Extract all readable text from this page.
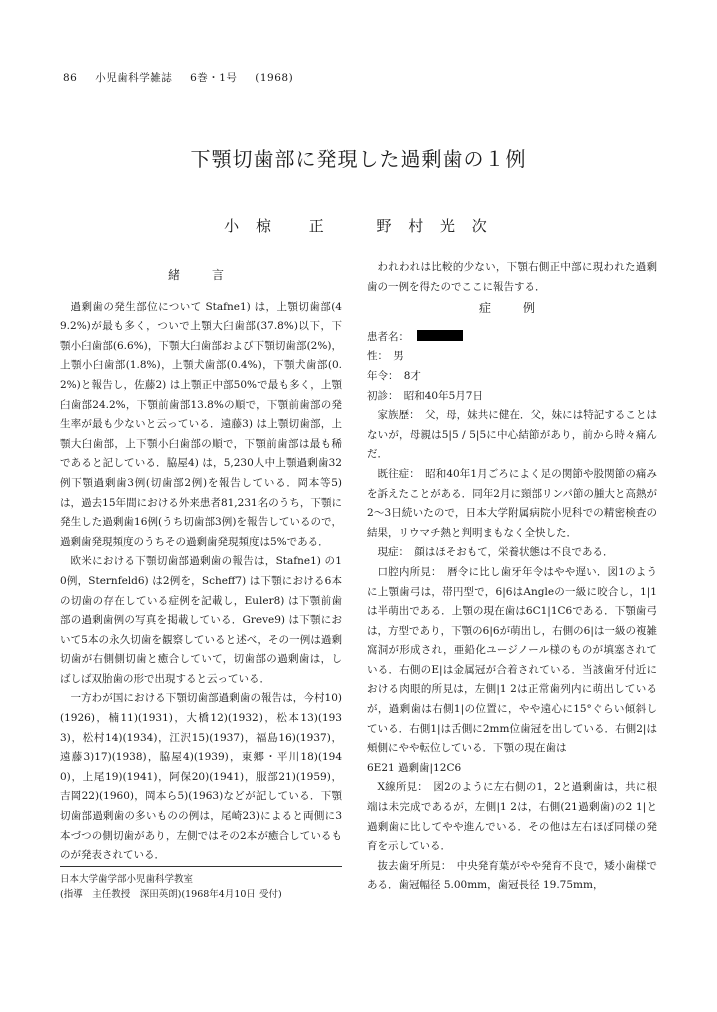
86 小児歯科学雑誌 6巻・1号 (1968)
下顎切歯部に発現した過剰歯の１例
小 椋 　正	野 村 光 次
緒　言

過剰歯の発生部位について Stafne1) は，上顎切歯部(49.2%)が最も多く，ついで上顎大臼歯部(37.8%)以下，下顎小臼歯部(6.6%)，下顎大臼歯部および下顎切歯部(2%)，上顎小臼歯部(1.8%)，上顎犬歯部(0.4%)，下顎犬歯部(0.2%)と報告し，佐藤2) は上顎正中部50%で最も多く，上顎臼歯部24.2%，下顎前歯部13.8%の順で，下顎前歯部の発生率が最も少ないと云っている．遠藤3) は上顎切歯部，上顎大臼歯部，上下顎小臼歯部の順で，下顎前歯部は最も稀であると記している．脇屋4) は，5,230人中上顎過剰歯32例下顎過剰歯3例(切歯部2例)を報告している．岡本等5) は，過去15年間における外来患者81,231名のうち，下顎に発生した過剰歯16例(うち切歯部3例)を報告しているので，過剰歯発現頻度のうちその過剰歯発現頻度は5%である．

欧米における下顎切歯部過剰歯の報告は，Stafne1) の10例，Sternfeld6) は2例を，Scheff7) は下顎における6本の切歯の存在している症例を記載し，Euler8) は下顎前歯部の過剰歯例の写真を掲載している．Greve9) は下顎において5本の永久切歯を観察していると述べ，その一例は過剰切歯が右側側切歯と癒合していて，切歯部の過剰歯は，しばしば双胎歯の形で出現すると云っている．

一方わが国における下顎切歯部過剰歯の報告は，今村10)(1926)，楠11)(1931)，大橋12)(1932)，松本13)(1933)，松村14)(1934)，江沢15)(1937)，福島16)(1937)，遠藤3)17)(1938)，脇屋4)(1939)，東郷・平川18)(1940)，上尾19)(1941)，阿保20)(1941)，服部21)(1959)，吉岡22)(1960)，岡本ら5)(1963)などが記している．下顎切歯部過剰歯の多いものの例は，尾崎23)によると両側に3本づつの側切歯があり，左側ではその2本が癒合しているものが発表されている．

日本大学歯学部小児歯科学教室
(指導　主任教授　深田英朗)(1968年4月10日 受付)

われわれは比較的少ない，下顎右側正中部に現われた過剰歯の一例を得たのでここに報告する．

症　例

患者名：

性：　男

年令：　8才

初診：　昭和40年5月7日

家族歴：　父，母，妹共に健在．父，妹には特記することはないが，母親は5|5 / 5|5に中心結節があり，前から時々痛んだ．

既往症：　昭和40年1月ごろによく足の関節や股関節の痛みを訴えたことがある．同年2月に頸部リンパ節の腫大と高熱が2～3日続いたので，日本大学附属病院小児科での精密検査の結果，リウマチ熱と判明まもなく全快した．

現症：　顔はほそおもて，栄養状態は不良である．

口腔内所見：　暦令に比し歯牙年令はやや遅い．図1のように上顎歯弓は，帯円型で，6|6はAngleの一級に咬合し，1|1は半萌出である．上顎の現在歯は6C1|1C6である．下顎歯弓は，方型であり，下顎の6|6が萌出し，右側の6|は一級の複雑窩洞が形成され，亜鉛化ユージノール様のものが填塞されている．右側のE|は金属冠が合着されている．当該歯牙付近における肉眼的所見は，左側|1 2は正常歯列内に萌出しているが，過剰歯は右側1|の位置に，やや遠心に15°ぐらい傾斜している．右側1|は舌側に2mm位歯冠を出している．右側2|は頰側にやや転位している．下顎の現在歯は

6E21 過剰歯|12C6

X線所見：　図2のように左右側の1，2と過剰歯は，共に根端は未完成であるが，左側|1 2は，右側(21過剰歯)の2 1|と過剰歯に比してやや進んでいる．その他は左右ほぼ同様の発育を示している．

抜去歯牙所見：　中央発育葉がやや発育不良で，矮小歯様である．歯冠幅径 5.00mm，歯冠長径 19.75mm，
